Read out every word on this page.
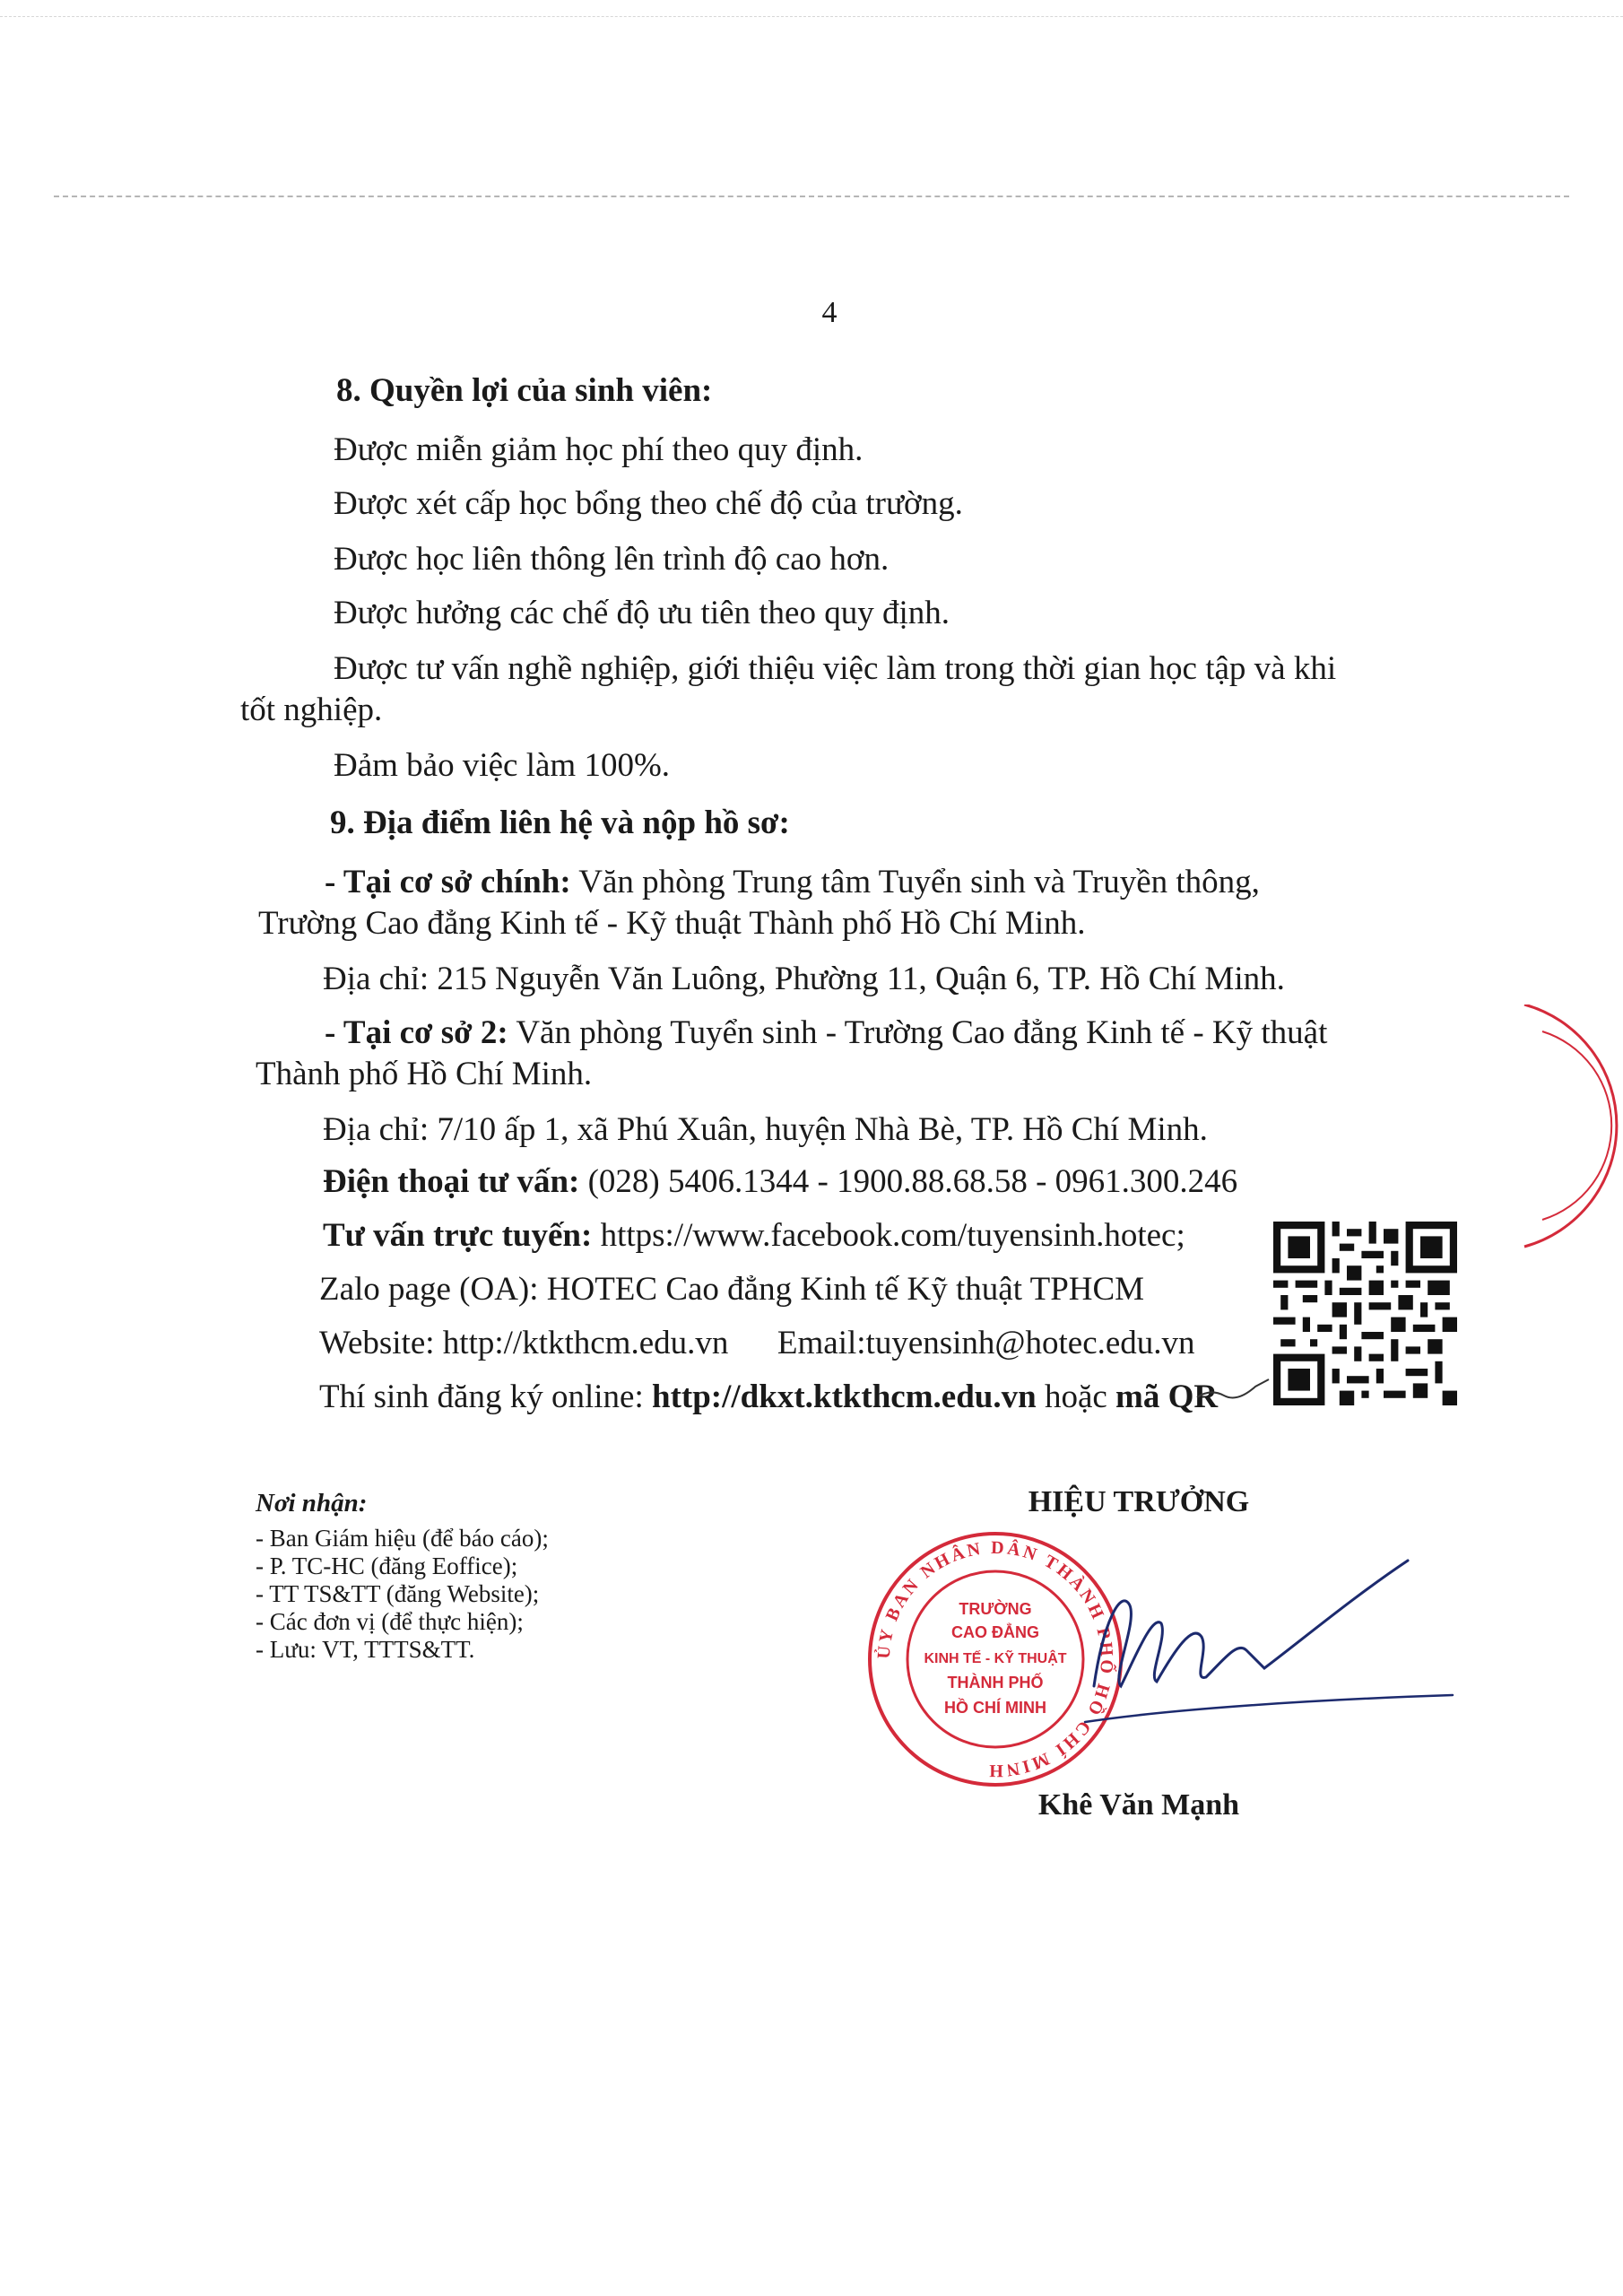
4
8. Quyền lợi của sinh viên:
Được miễn giảm học phí theo quy định.
Được xét cấp học bổng theo chế độ của trường.
Được học liên thông lên trình độ cao hơn.
Được hưởng các chế độ ưu tiên theo quy định.
Được tư vấn nghề nghiệp, giới thiệu việc làm trong thời gian học tập và khi
tốt nghiệp.
Đảm bảo việc làm 100%.
9. Địa điểm liên hệ và nộp hồ sơ:
- Tại cơ sở chính: Văn phòng Trung tâm Tuyển sinh và Truyền thông,
Trường Cao đẳng Kinh tế - Kỹ thuật Thành phố Hồ Chí Minh.
Địa chỉ: 215 Nguyễn Văn Luông, Phường 11, Quận 6, TP. Hồ Chí Minh.
- Tại cơ sở 2: Văn phòng Tuyển sinh - Trường Cao đẳng Kinh tế - Kỹ thuật
Thành phố Hồ Chí Minh.
Địa chỉ: 7/10 ấp 1, xã Phú Xuân, huyện Nhà Bè, TP. Hồ Chí Minh.
Điện thoại tư vấn: (028) 5406.1344 - 1900.88.68.58 - 0961.300.246
Tư vấn trực tuyến: https://www.facebook.com/tuyensinh.hotec;
Zalo page (OA): HOTEC Cao đẳng Kinh tế Kỹ thuật TPHCM
Website: http://ktkthcm.edu.vn Email:tuyensinh@hotec.edu.vn
Thí sinh đăng ký online: http://dkxt.ktkthcm.edu.vn hoặc mã QR
Nơi nhận:
- Ban Giám hiệu (để báo cáo);
- P. TC-HC (đăng Eoffice);
- TT TS&TT (đăng Website);
- Các đơn vị (để thực hiện);
- Lưu: VT, TTTS&TT.
HIỆU TRƯỞNG
ỦY BAN NHÂN DÂN THÀNH PHỐ HỒ CHÍ MINH
TRƯỜNG
CAO ĐẲNG
KINH TẾ - KỸ THUẬT
THÀNH PHỐ
HỒ CHÍ MINH
Khê Văn Mạnh
